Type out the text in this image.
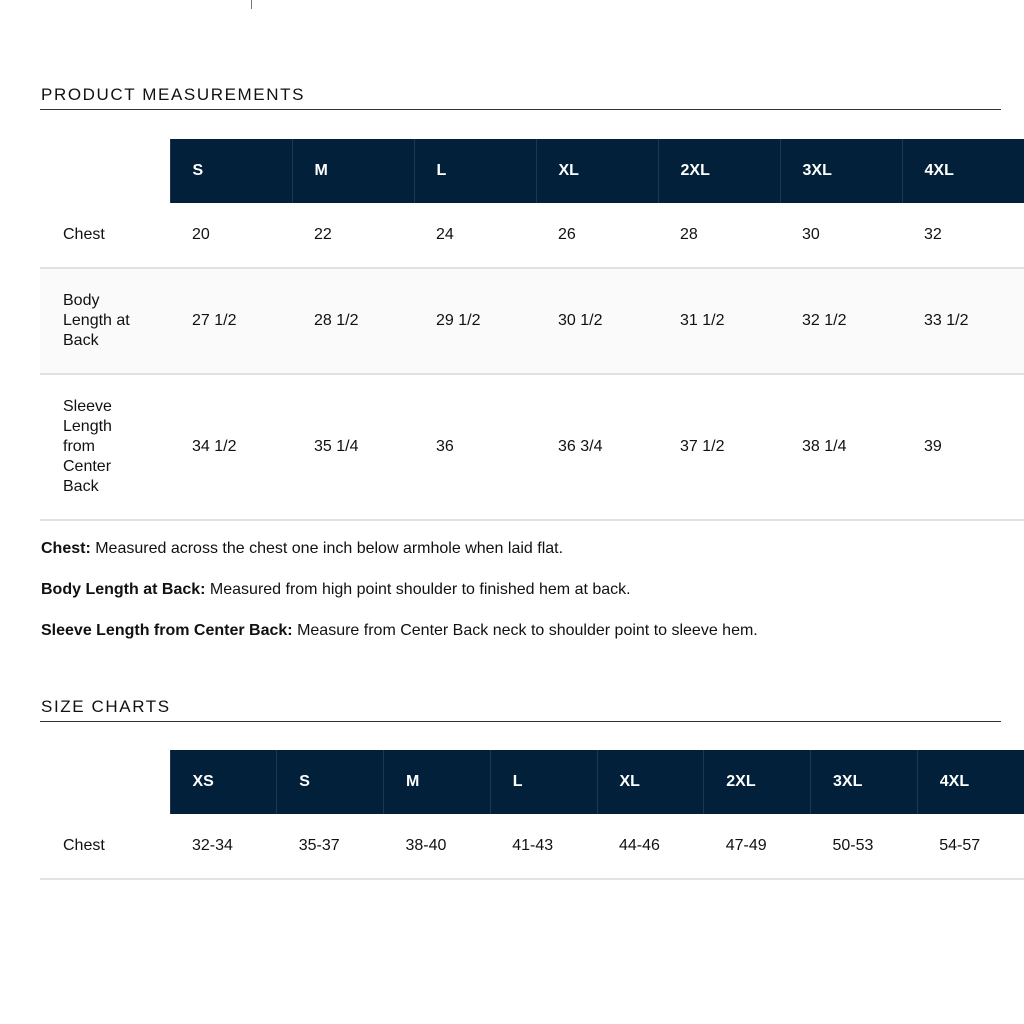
PRODUCT MEASUREMENTS
	S	M	L	XL	2XL	3XL	4XL

Chest	20	22	24	26	28	30	32

Body Length at Back	27 1/2	28 1/2	29 1/2	30 1/2	31 1/2	32 1/2	33 1/2

Sleeve Length from Center Back	34 1/2	35 1/4	36	36 3/4	37 1/2	38 1/4	39

Chest: Measured across the chest one inch below armhole when laid flat.

Body Length at Back: Measured from high point shoulder to finished hem at back.

Sleeve Length from Center Back: Measure from Center Back neck to shoulder point to sleeve hem.

SIZE CHARTS
	XS	S	M	L	XL	2XL	3XL	4XL

Chest	32-34	35-37	38-40	41-43	44-46	47-49	50-53	54-57
